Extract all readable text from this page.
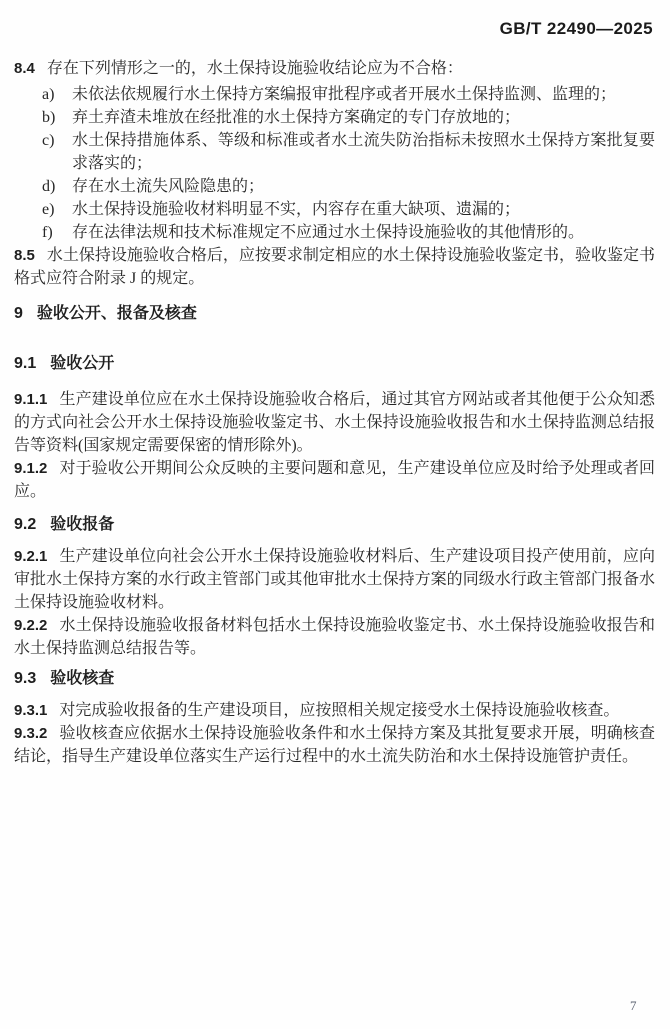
GB/T 22490—2025

8.4 存在下列情形之一的，水土保持设施验收结论应为不合格：

a) 未依法依规履行水土保持方案编报审批程序或者开展水土保持监测、监理的；
b) 弃土弃渣未堆放在经批准的水土保持方案确定的专门存放地的；
c) 水土保持措施体系、等级和标准或者水土流失防治指标未按照水土保持方案批复要求落实的；
d) 存在水土流失风险隐患的；
e) 水土保持设施验收材料明显不实，内容存在重大缺项、遗漏的；
f) 存在法律法规和技术标准规定不应通过水土保持设施验收的其他情形的。

8.5 水土保持设施验收合格后，应按要求制定相应的水土保持设施验收鉴定书，验收鉴定书格式应符合附录 J 的规定。

9 验收公开、报备及核查
9.1 验收公开

9.1.1 生产建设单位应在水土保持设施验收合格后，通过其官方网站或者其他便于公众知悉的方式向社会公开水土保持设施验收鉴定书、水土保持设施验收报告和水土保持监测总结报告等资料(国家规定需要保密的情形除外)。

9.1.2 对于验收公开期间公众反映的主要问题和意见，生产建设单位应及时给予处理或者回应。

9.2 验收报备

9.2.1 生产建设单位向社会公开水土保持设施验收材料后、生产建设项目投产使用前，应向审批水土保持方案的水行政主管部门或其他审批水土保持方案的同级水行政主管部门报备水土保持设施验收材料。

9.2.2 水土保持设施验收报备材料包括水土保持设施验收鉴定书、水土保持设施验收报告和水土保持监测总结报告等。

9.3 验收核查

9.3.1 对完成验收报备的生产建设项目，应按照相关规定接受水土保持设施验收核查。

9.3.2 验收核查应依据水土保持设施验收条件和水土保持方案及其批复要求开展，明确核查结论，指导生产建设单位落实生产运行过程中的水土流失防治和水土保持设施管护责任。

7
